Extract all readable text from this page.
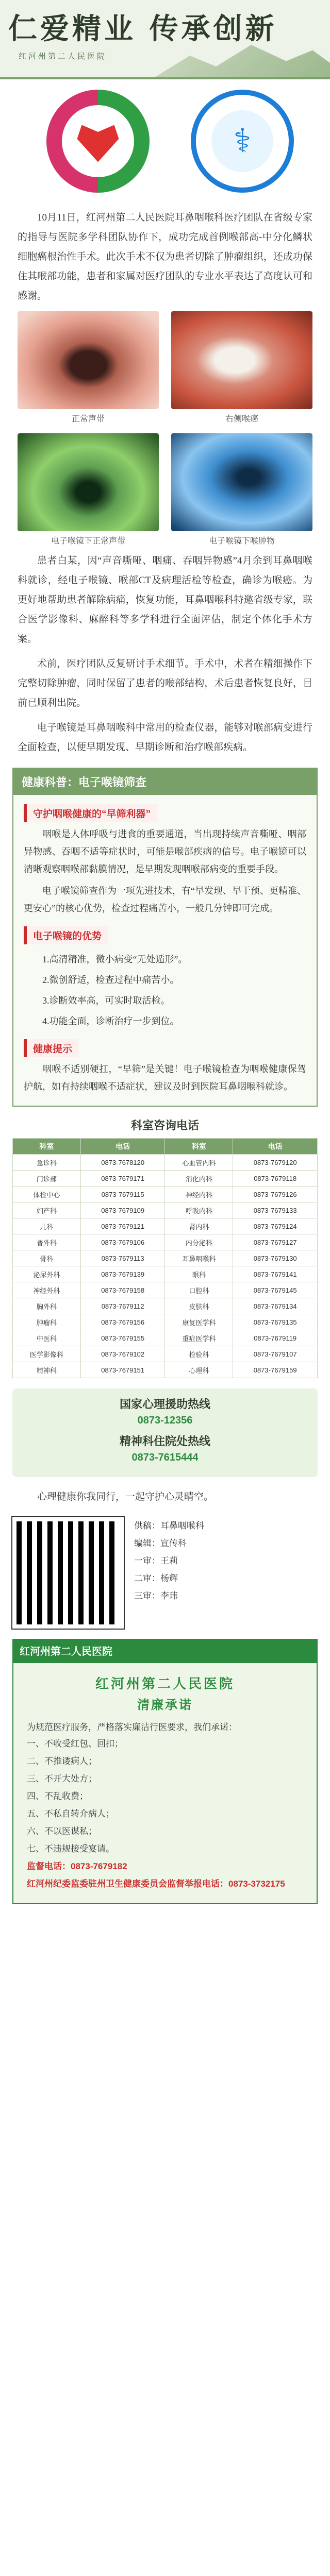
仁爱精业 传承创新
红河州第二人民医院
⚕
10月11日，红河州第二人民医院耳鼻咽喉科医疗团队在省级专家的指导与医院多学科团队协作下，成功完成首例喉部高-中分化鳞状细胞癌根治性手术。此次手术不仅为患者切除了肿瘤组织，还成功保住其喉部功能，患者和家属对医疗团队的专业水平表达了高度认可和感谢。
正常声带	右侧喉癌
电子喉镜下正常声带	电子喉镜下喉肿物
患者白某，因“声音嘶哑、咽痛、吞咽异物感”4月余到耳鼻咽喉科就诊，经电子喉镜、喉部CT及病理活检等检查，确诊为喉癌。为更好地帮助患者解除病痛，恢复功能，耳鼻咽喉科特邀省级专家，联合医学影像科、麻醉科等多学科进行全面评估，制定个体化手术方案。
术前，医疗团队反复研讨手术细节。手术中，术者在精细操作下完整切除肿瘤，同时保留了患者的喉部结构，术后患者恢复良好，目前已顺利出院。
电子喉镜是耳鼻咽喉科中常用的检查仪器，能够对喉部病变进行全面检查，以便早期发现、早期诊断和治疗喉部疾病。
健康科普：电子喉镜筛查
守护咽喉健康的“早筛利器”
咽喉是人体呼吸与进食的重要通道，当出现持续声音嘶哑、咽部异物感、吞咽不适等症状时，可能是喉部疾病的信号。电子喉镜可以清晰观察咽喉部黏膜情况，是早期发现咽喉部病变的重要手段。
电子喉镜筛查作为一项先进技术，有“早发现、早干预、更精准、更安心”的核心优势，检查过程痛苦小，一般几分钟即可完成。
电子喉镜的优势
1.高清精准，微小病变“无处遁形”。
2.微创舒适，检查过程中痛苦小。
3.诊断效率高，可实时取活检。
4.功能全面，诊断治疗一步到位。
健康提示
咽喉不适别硬扛，“早筛”是关键！电子喉镜检查为咽喉健康保驾护航，如有持续咽喉不适症状，建议及时到医院耳鼻咽喉科就诊。
科室咨询电话
科室	电话	科室	电话
急诊科	0873-7678120	心血管内科	0873-7679120
门诊部	0873-7679171	消化内科	0873-7679118
体检中心	0873-7679115	神经内科	0873-7679126
妇产科	0873-7679109	呼吸内科	0873-7679133
儿科	0873-7679121	肾内科	0873-7679124
普外科	0873-7679106	内分泌科	0873-7679127
骨科	0873-7679113	耳鼻咽喉科	0873-7679130
泌尿外科	0873-7679139	眼科	0873-7679141
神经外科	0873-7679158	口腔科	0873-7679145
胸外科	0873-7679112	皮肤科	0873-7679134
肿瘤科	0873-7679156	康复医学科	0873-7679135
中医科	0873-7679155	重症医学科	0873-7679119
医学影像科	0873-7679102	检验科	0873-7679107
精神科	0873-7679151	心理科	0873-7679159
国家心理援助热线
0873-12356
精神科住院处热线
0873-7615444
心理健康你我同行，一起守护心灵晴空。
供稿：耳鼻咽喉科
编辑：宣传科
一审：王莉
二审：杨辉
三审：李玮
红河州第二人民医院
红河州第二人民医院
清廉承诺
为规范医疗服务，严格落实廉洁行医要求，我们承诺：
一、不收受红包、回扣；
二、不推诿病人；
三、不开大处方；
四、不乱收费；
五、不私自转介病人；
六、不以医谋私；
七、不违规接受宴请。
监督电话：0873-7679182
红河州纪委监委驻州卫生健康委员会监督举报电话：0873-3732175
